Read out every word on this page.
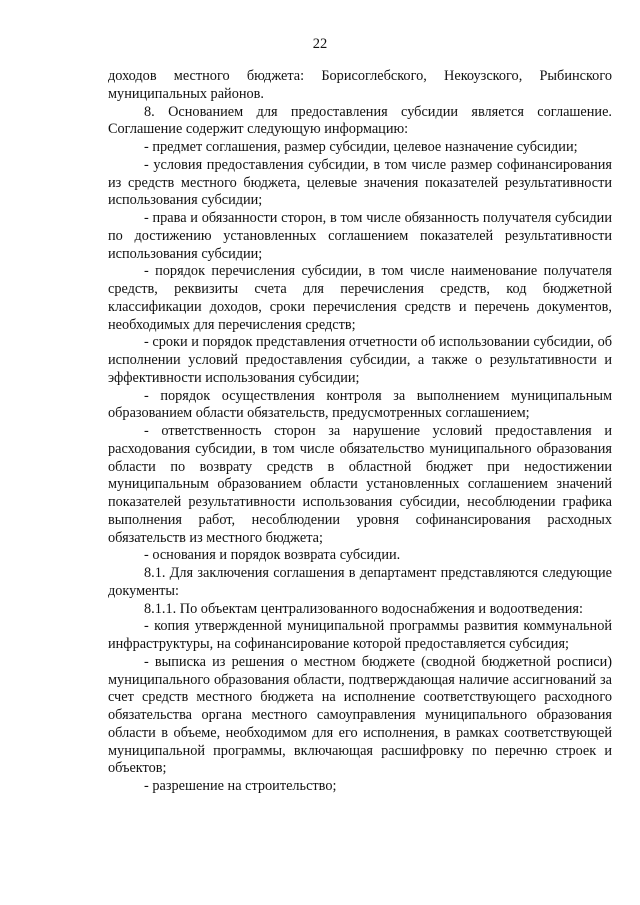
22

доходов местного бюджета: Борисоглебского, Некоузского, Рыбинского муниципальных районов.

8. Основанием для предоставления субсидии является соглашение. Соглашение содержит следующую информацию:

- предмет соглашения, размер субсидии, целевое назначение субсидии;

- условия предоставления субсидии, в том числе размер софинансирования из средств местного бюджета, целевые значения показателей результативности использования субсидии;

- права и обязанности сторон, в том числе обязанность получателя субсидии по достижению установленных соглашением показателей результативности использования субсидии;

- порядок перечисления субсидии, в том числе наименование получателя средств, реквизиты счета для перечисления средств, код бюджетной классификации доходов, сроки перечисления средств и перечень документов, необходимых для перечисления средств;

- сроки и порядок представления отчетности об использовании субсидии, об исполнении условий предоставления субсидии, а также о результативности и эффективности использования субсидии;

- порядок осуществления контроля за выполнением муниципальным образованием области обязательств, предусмотренных соглашением;

- ответственность сторон за нарушение условий предоставления и расходования субсидии, в том числе обязательство муниципального образования области по возврату средств в областной бюджет при недостижении муниципальным образованием области установленных соглашением значений показателей результативности использования субсидии, несоблюдении графика выполнения работ, несоблюдении уровня софинансирования расходных обязательств из местного бюджета;

- основания и порядок возврата субсидии.

8.1. Для заключения соглашения в департамент представляются следующие документы:

8.1.1. По объектам централизованного водоснабжения и водоотведения:

- копия утвержденной муниципальной программы развития коммунальной инфраструктуры, на софинансирование которой предоставляется субсидия;

- выписка из решения о местном бюджете (сводной бюджетной росписи) муниципального образования области, подтверждающая наличие ассигнований за счет средств местного бюджета на исполнение соответствующего расходного обязательства органа местного самоуправления муниципального образования области в объеме, необходимом для его исполнения, в рамках соответствующей муниципальной программы, включающая расшифровку по перечню строек и объектов;

- разрешение на строительство;
